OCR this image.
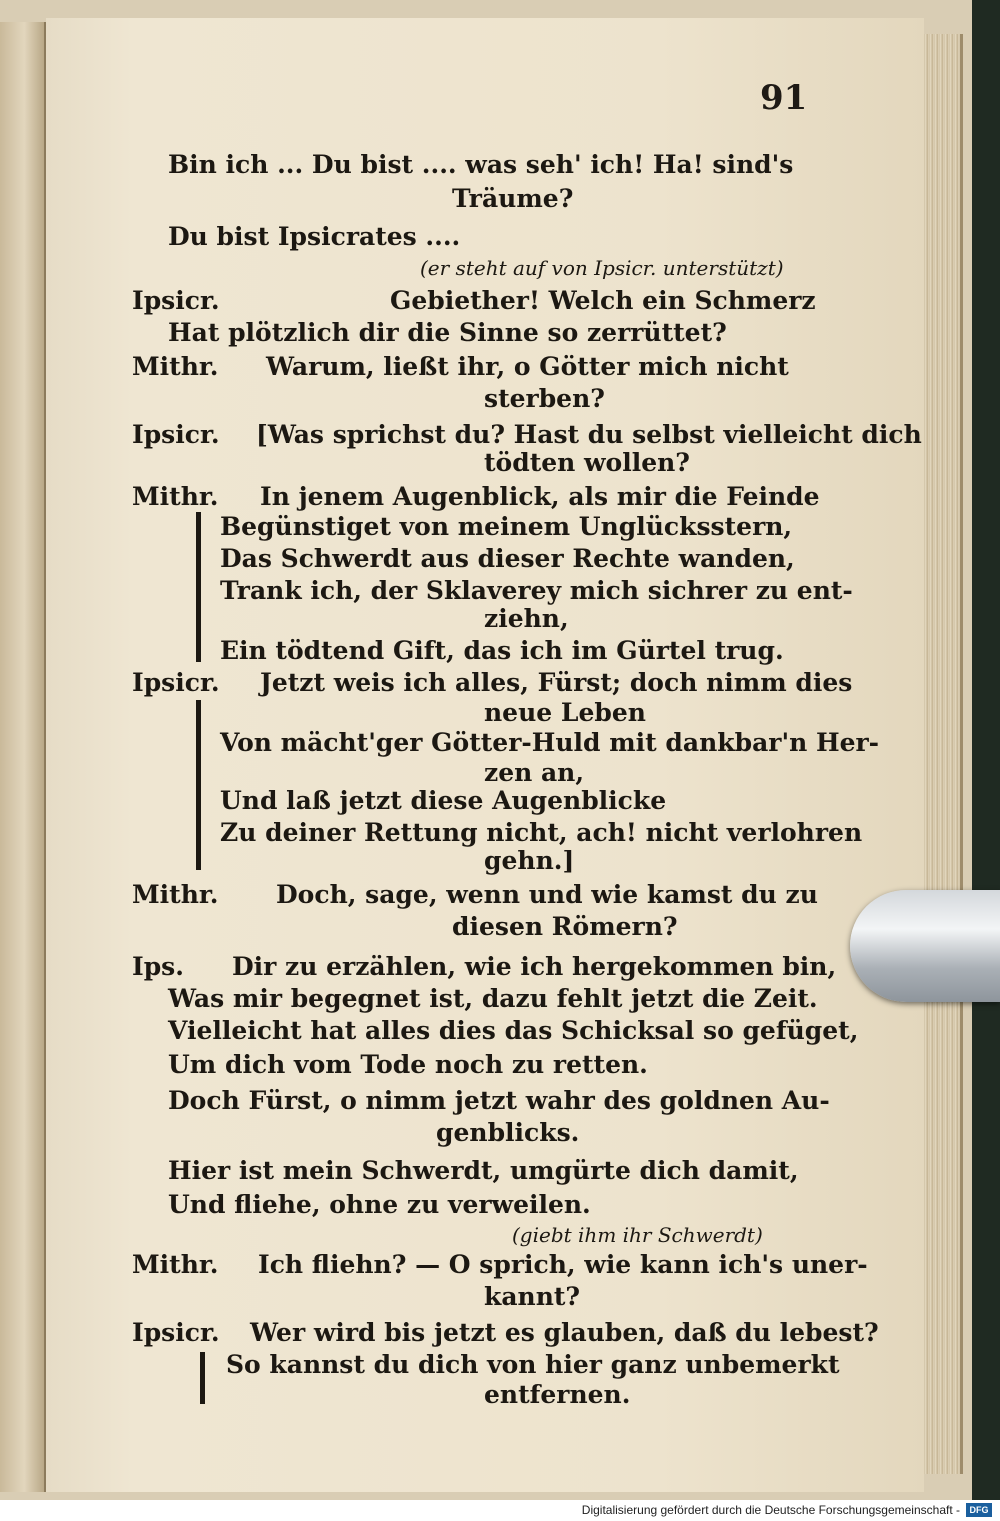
91
Bin ich ... Du bist .... was seh' ich! Ha! sind's
Träume?
Du bist Ipsicrates ....
(er steht auf von Ipsicr. unterstützt)
Ipsicr.	Gebiether! Welch ein Schmerz
Hat plötzlich dir die Sinne so zerrüttet?
Mithr. Warum, ließt ihr, o Götter mich nicht
sterben?
Ipsicr. [Was sprichst du? Hast du selbst vielleicht dich
tödten wollen?
Mithr. In jenem Augenblick, als mir die Feinde
Begünstiget von meinem Unglücksstern,
Das Schwerdt aus dieser Rechte wanden,
Trank ich, der Sklaverey mich sichrer zu ent-
ziehn,
Ein tödtend Gift, das ich im Gürtel trug.
Ipsicr. Jetzt weis ich alles, Fürst; doch nimm dies
neue Leben
Von mächt'ger Götter-Huld mit dankbar'n Her-
zen an,
Und laß jetzt diese Augenblicke
Zu deiner Rettung nicht, ach! nicht verlohren
gehn.]
Mithr. Doch, sage, wenn und wie kamst du zu
diesen Römern?
Ips. Dir zu erzählen, wie ich hergekommen bin,
Was mir begegnet ist, dazu fehlt jetzt die Zeit.
Vielleicht hat alles dies das Schicksal so gefüget,
Um dich vom Tode noch zu retten.
Doch Fürst, o nimm jetzt wahr des goldnen Au-
genblicks.
Hier ist mein Schwerdt, umgürte dich damit,
Und fliehe, ohne zu verweilen.
(giebt ihm ihr Schwerdt)
Mithr. Ich fliehn? — O sprich, wie kann ich's uner-
kannt?
Ipsicr. Wer wird bis jetzt es glauben, daß du lebest?
So kannst du dich von hier ganz unbemerkt
entfernen.
Digitalisierung gefördert durch die Deutsche Forschungsgemeinschaft -	DFG
